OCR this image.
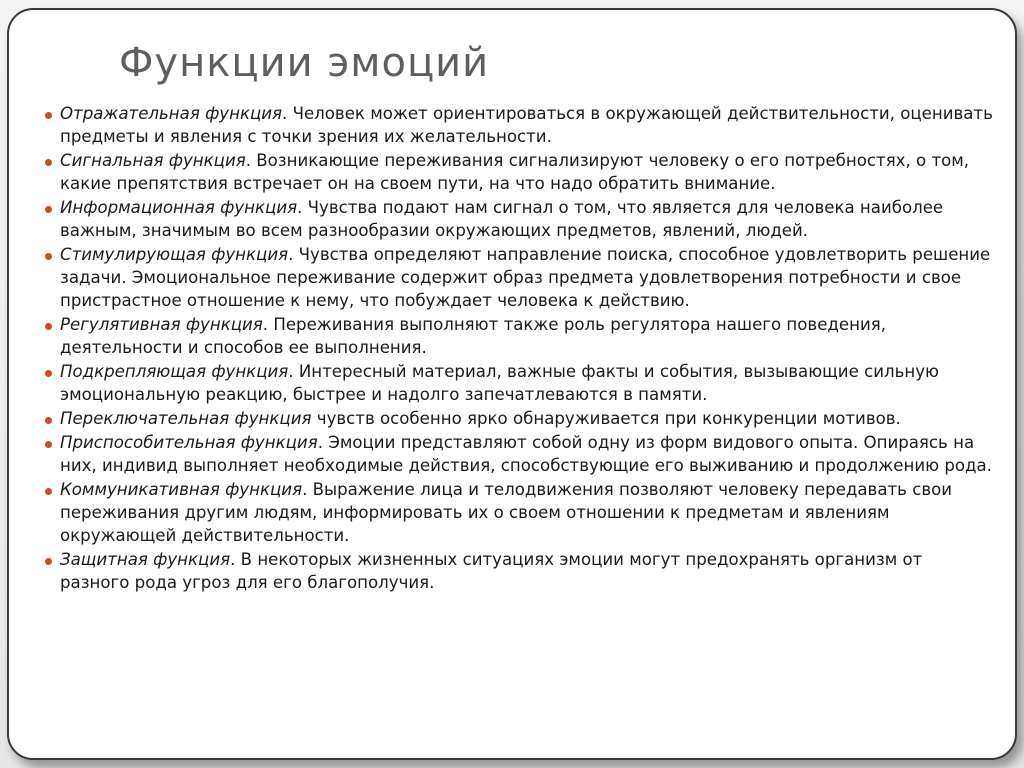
Функции эмоций
Отражательная функция. Человек может ориентироваться в окружающей действительности, оценивать предметы и явления с точки зрения их желательности.
Сигнальная функция. Возникающие переживания сигнализируют человеку о его потребностях, о том, какие препятствия встречает он на своем пути, на что надо обратить внимание.
Информационная функция. Чувства подают нам сигнал о том, что является для человека наиболее важным, значимым во всем разнообразии окружающих предметов, явлений, людей.
Стимулирующая функция. Чувства определяют направление поиска, способное удовлетворить решение задачи. Эмоциональное переживание содержит образ предмета удовлетворения потребности и свое пристрастное отношение к нему, что побуждает человека к действию.
Регулятивная функция. Переживания выполняют также роль регулятора нашего поведения, деятельности и способов ее выполнения.
Подкрепляющая функция. Интересный материал, важные факты и события, вызывающие сильную эмоциональную реакцию, быстрее и надолго запечатлеваются в памяти.
Переключательная функция чувств особенно ярко обнаруживается при конкуренции мотивов.
Приспособительная функция. Эмоции представляют собой одну из форм видового опыта. Опираясь на них, индивид выполняет необходимые действия, способствующие его выживанию и продолжению рода.
Коммуникативная функция. Выражение лица и телодвижения позволяют человеку передавать свои переживания другим людям, информировать их о своем отношении к предметам и явлениям окружающей действительности.
Защитная функция. В некоторых жизненных ситуациях эмоции могут предохранять организм от разного рода угроз для его благополучия.
